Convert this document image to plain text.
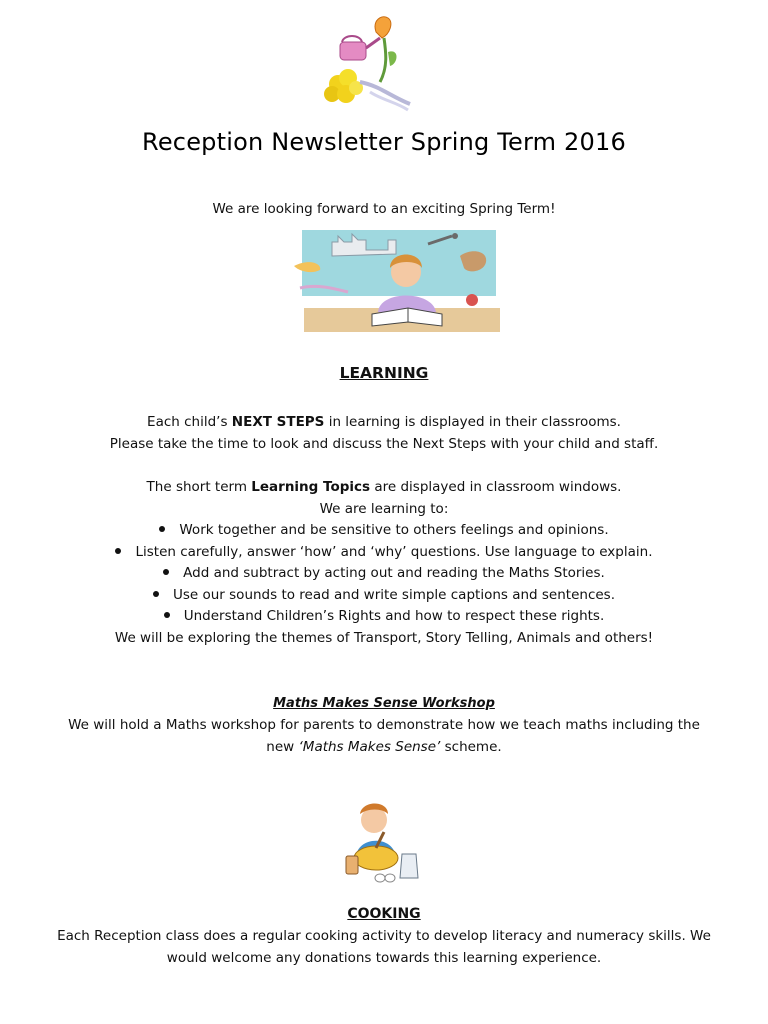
Reception Newsletter Spring Term 2016
We are looking forward to an exciting Spring Term!
LEARNING
Each child’s NEXT STEPS in learning is displayed in their classrooms.
Please take the time to look and discuss the Next Steps with your child and staff.
The short term Learning Topics are displayed in classroom windows.
We are learning to:
Work together and be sensitive to others feelings and opinions.
Listen carefully, answer ‘how’ and ‘why’ questions. Use language to explain.
Add and subtract by acting out and reading the Maths Stories.
Use our sounds to read and write simple captions and sentences.
Understand Children’s Rights and how to respect these rights.
We will be exploring the themes of Transport, Story Telling, Animals and others!
Maths Makes Sense Workshop
We will hold a Maths workshop for parents to demonstrate how we teach maths including the
new ‘Maths Makes Sense’ scheme.
COOKING
Each Reception class does a regular cooking activity to develop literacy and numeracy skills. We
would welcome any donations towards this learning experience.
